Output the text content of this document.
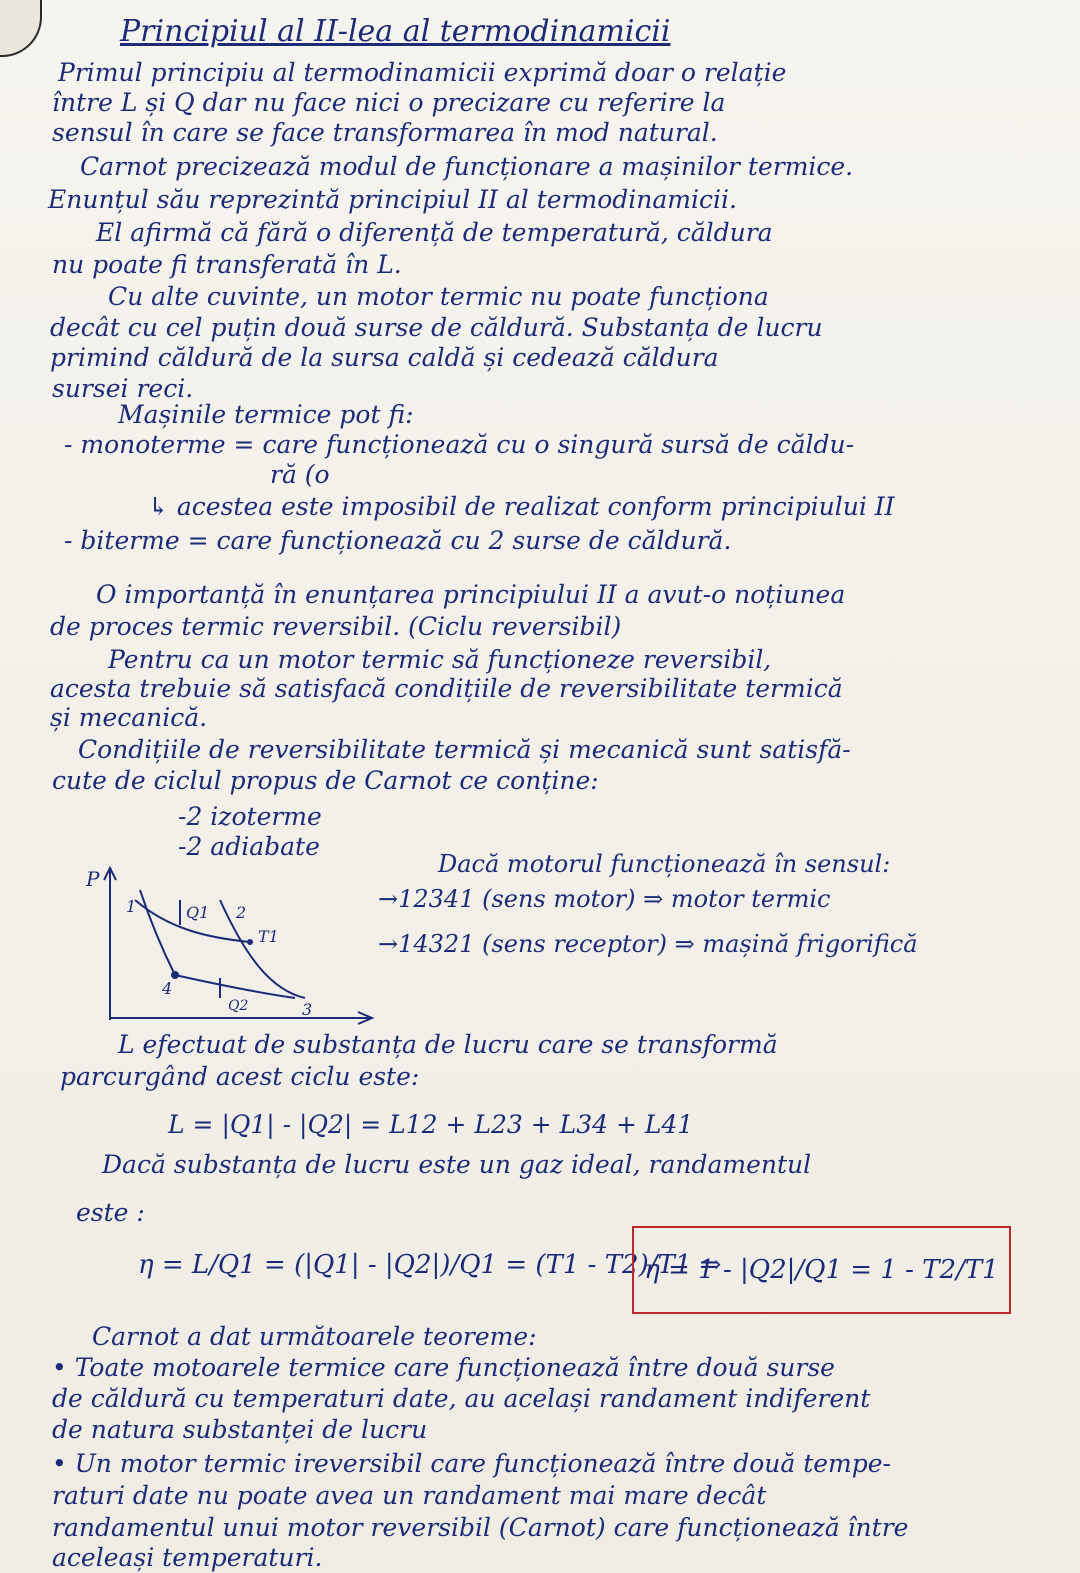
Principiul al II-lea al termodinamicii
Primul principiu al termodinamicii exprimă doar o relație
între L și Q dar nu face nici o precizare cu referire la
sensul în care se face transformarea în mod natural.
Carnot precizează modul de funcționare a mașinilor termice.
Enunțul său reprezintă principiul II al termodinamicii.
El afirmă că fără o diferență de temperatură, căldura
nu poate fi transferată în L.
Cu alte cuvinte, un motor termic nu poate funcționa
decât cu cel puțin două surse de căldură. Substanța de lucru
primind căldură de la sursa caldă și cedează căldura
sursei reci.
Mașinile termice pot fi:
- monoterme = care funcționează cu o singură sursă de căldu-
ră (o
↳ acestea este imposibil de realizat conform principiului II
- biterme = care funcționează cu 2 surse de căldură.
O importanță în enunțarea principiului II a avut-o noțiunea
de proces termic reversibil. (Ciclu reversibil)
Pentru ca un motor termic să funcționeze reversibil,
acesta trebuie să satisfacă condițiile de reversibilitate termică
și mecanică.
Condițiile de reversibilitate termică și mecanică sunt satisfă-
cute de ciclul propus de Carnot ce conține:
-2 izoterme
-2 adiabate
P
1	2
3
4
Q1
Q2
T1
Dacă motorul funcționează în sensul:
→12341 (sens motor) ⇒ motor termic
→14321 (sens receptor) ⇒ mașină frigorifică
L efectuat de substanța de lucru care se transformă
parcurgând acest ciclu este:
L = |Q1| - |Q2| = L12 + L23 + L34 + L41
Dacă substanța de lucru este un gaz ideal, randamentul
este :
η = L/Q1 = (|Q1| - |Q2|)/Q1 = (T1 - T2)/T1 ⇒
η = 1 - |Q2|/Q1 = 1 - T2/T1
Carnot a dat următoarele teoreme:
• Toate motoarele termice care funcționează între două surse
de căldură cu temperaturi date, au același randament indiferent
de natura substanței de lucru
• Un motor termic ireversibil care funcționează între două tempe-
raturi date nu poate avea un randament mai mare decât
randamentul unui motor reversibil (Carnot) care funcționează între
aceleași temperaturi.
